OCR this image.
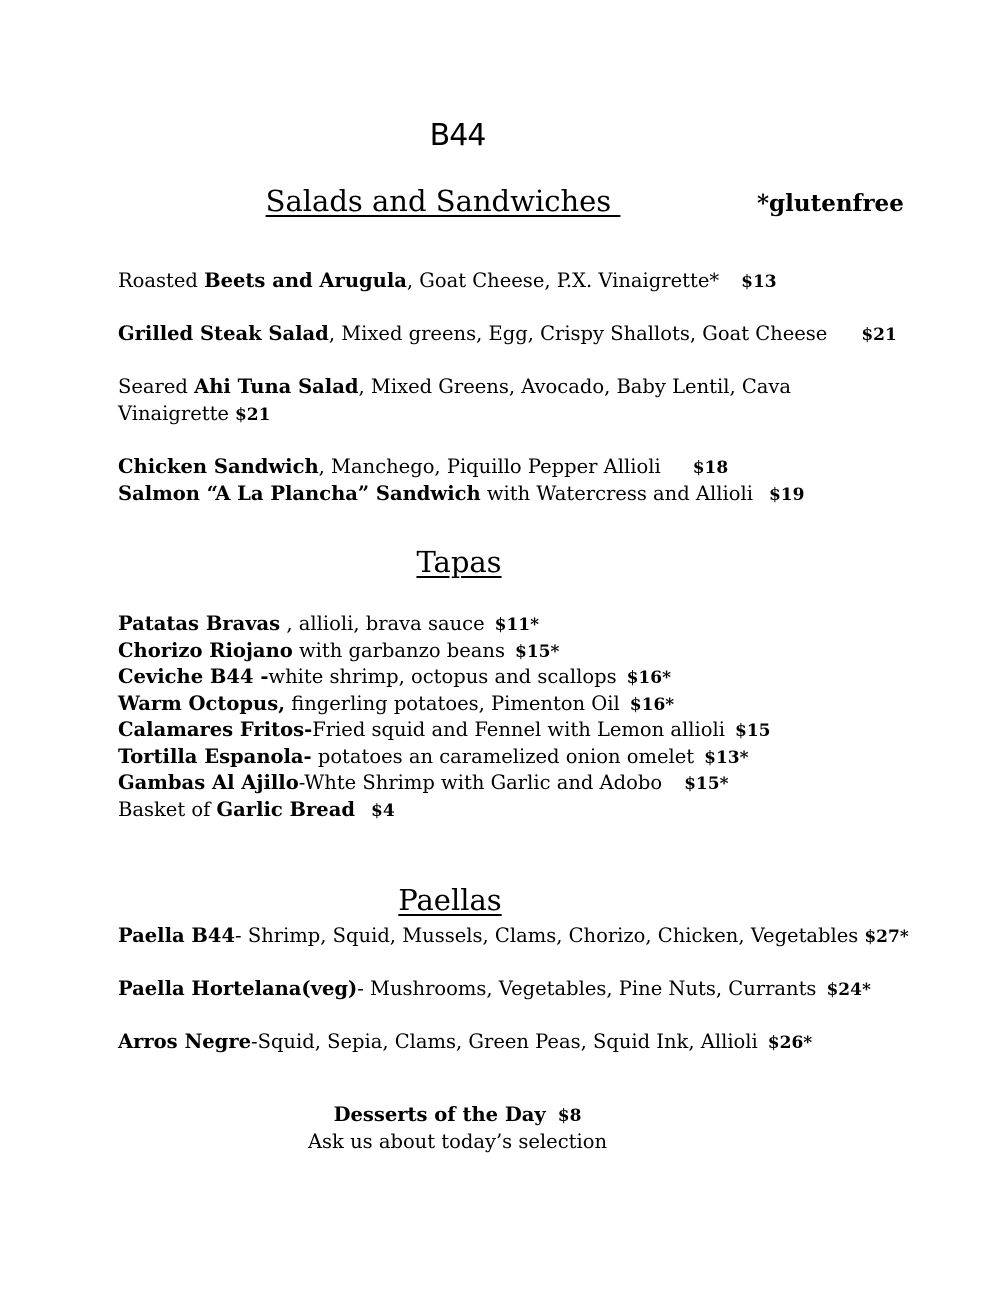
B44
Salads and Sandwiches	*glutenfree
Roasted Beets and Arugula, Goat Cheese, P.X. Vinaigrette* $13
Grilled Steak Salad, Mixed greens, Egg, Crispy Shallots, Goat Cheese $21
Seared Ahi Tuna Salad, Mixed Greens, Avocado, Baby Lentil, Cava Vinaigrette $21
Chicken Sandwich, Manchego, Piquillo Pepper Allioli $18
Salmon “A La Plancha” Sandwich with Watercress and Allioli $19
Tapas
Patatas Bravas , allioli, brava sauce $11*
Chorizo Riojano with garbanzo beans $15*
Ceviche B44 -white shrimp, octopus and scallops $16*
Warm Octopus, fingerling potatoes, Pimenton Oil $16*
Calamares Fritos-Fried squid and Fennel with Lemon allioli $15
Tortilla Espanola- potatoes an caramelized onion omelet $13*
Gambas Al Ajillo-Whte Shrimp with Garlic and Adobo $15*
Basket of Garlic Bread $4
Paellas
Paella B44- Shrimp, Squid, Mussels, Clams, Chorizo, Chicken, Vegetables $27*
Paella Hortelana(veg)- Mushrooms, Vegetables, Pine Nuts, Currants $24*
Arros Negre-Squid, Sepia, Clams, Green Peas, Squid Ink, Allioli $26*
Desserts of the Day $8
Ask us about today’s selection
